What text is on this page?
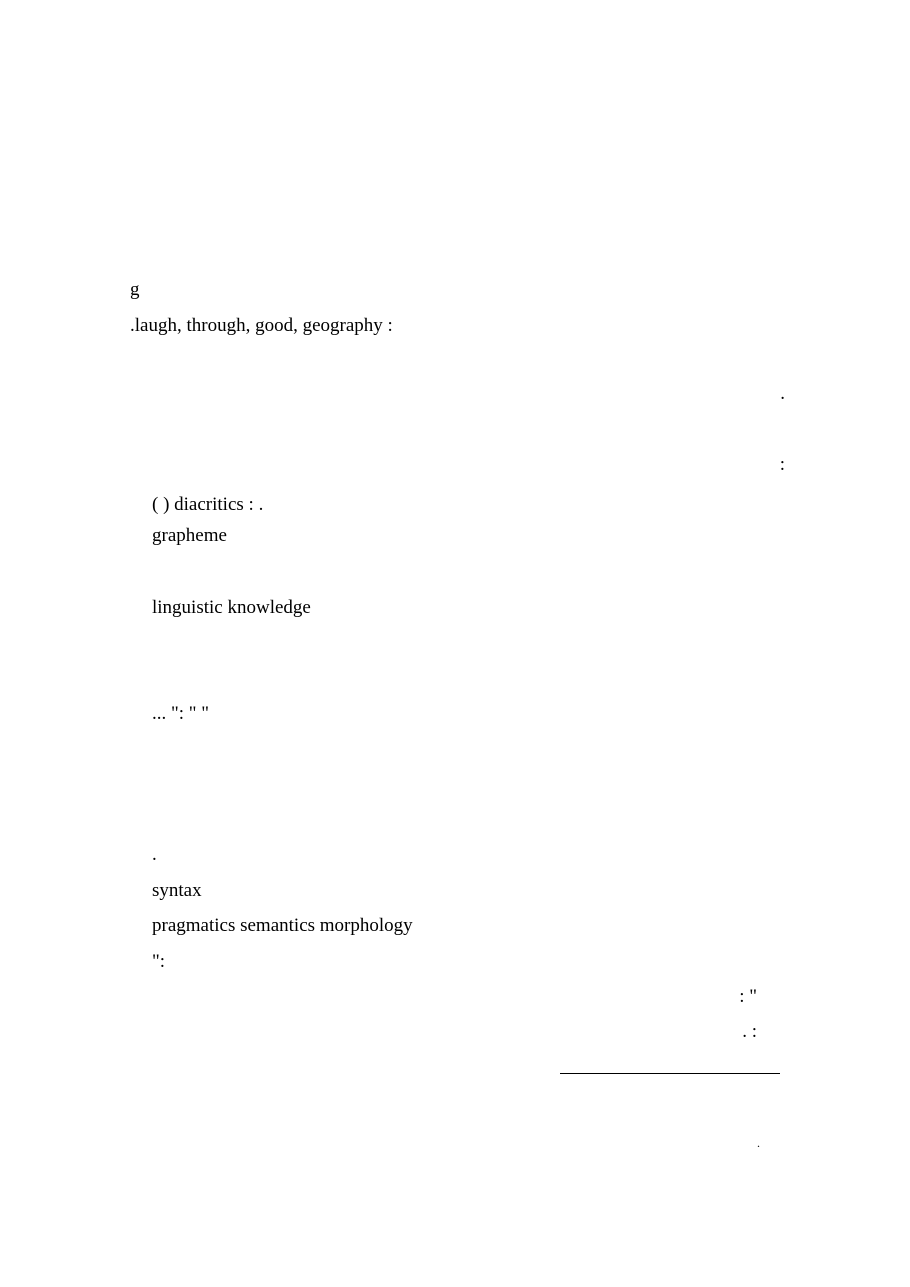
g
.laugh, through, good, geography :
.
:
( ) diacritics : .
grapheme
linguistic knowledge
... ": " "
.
syntax
pragmatics semantics morphology
":
: "
. :
.
